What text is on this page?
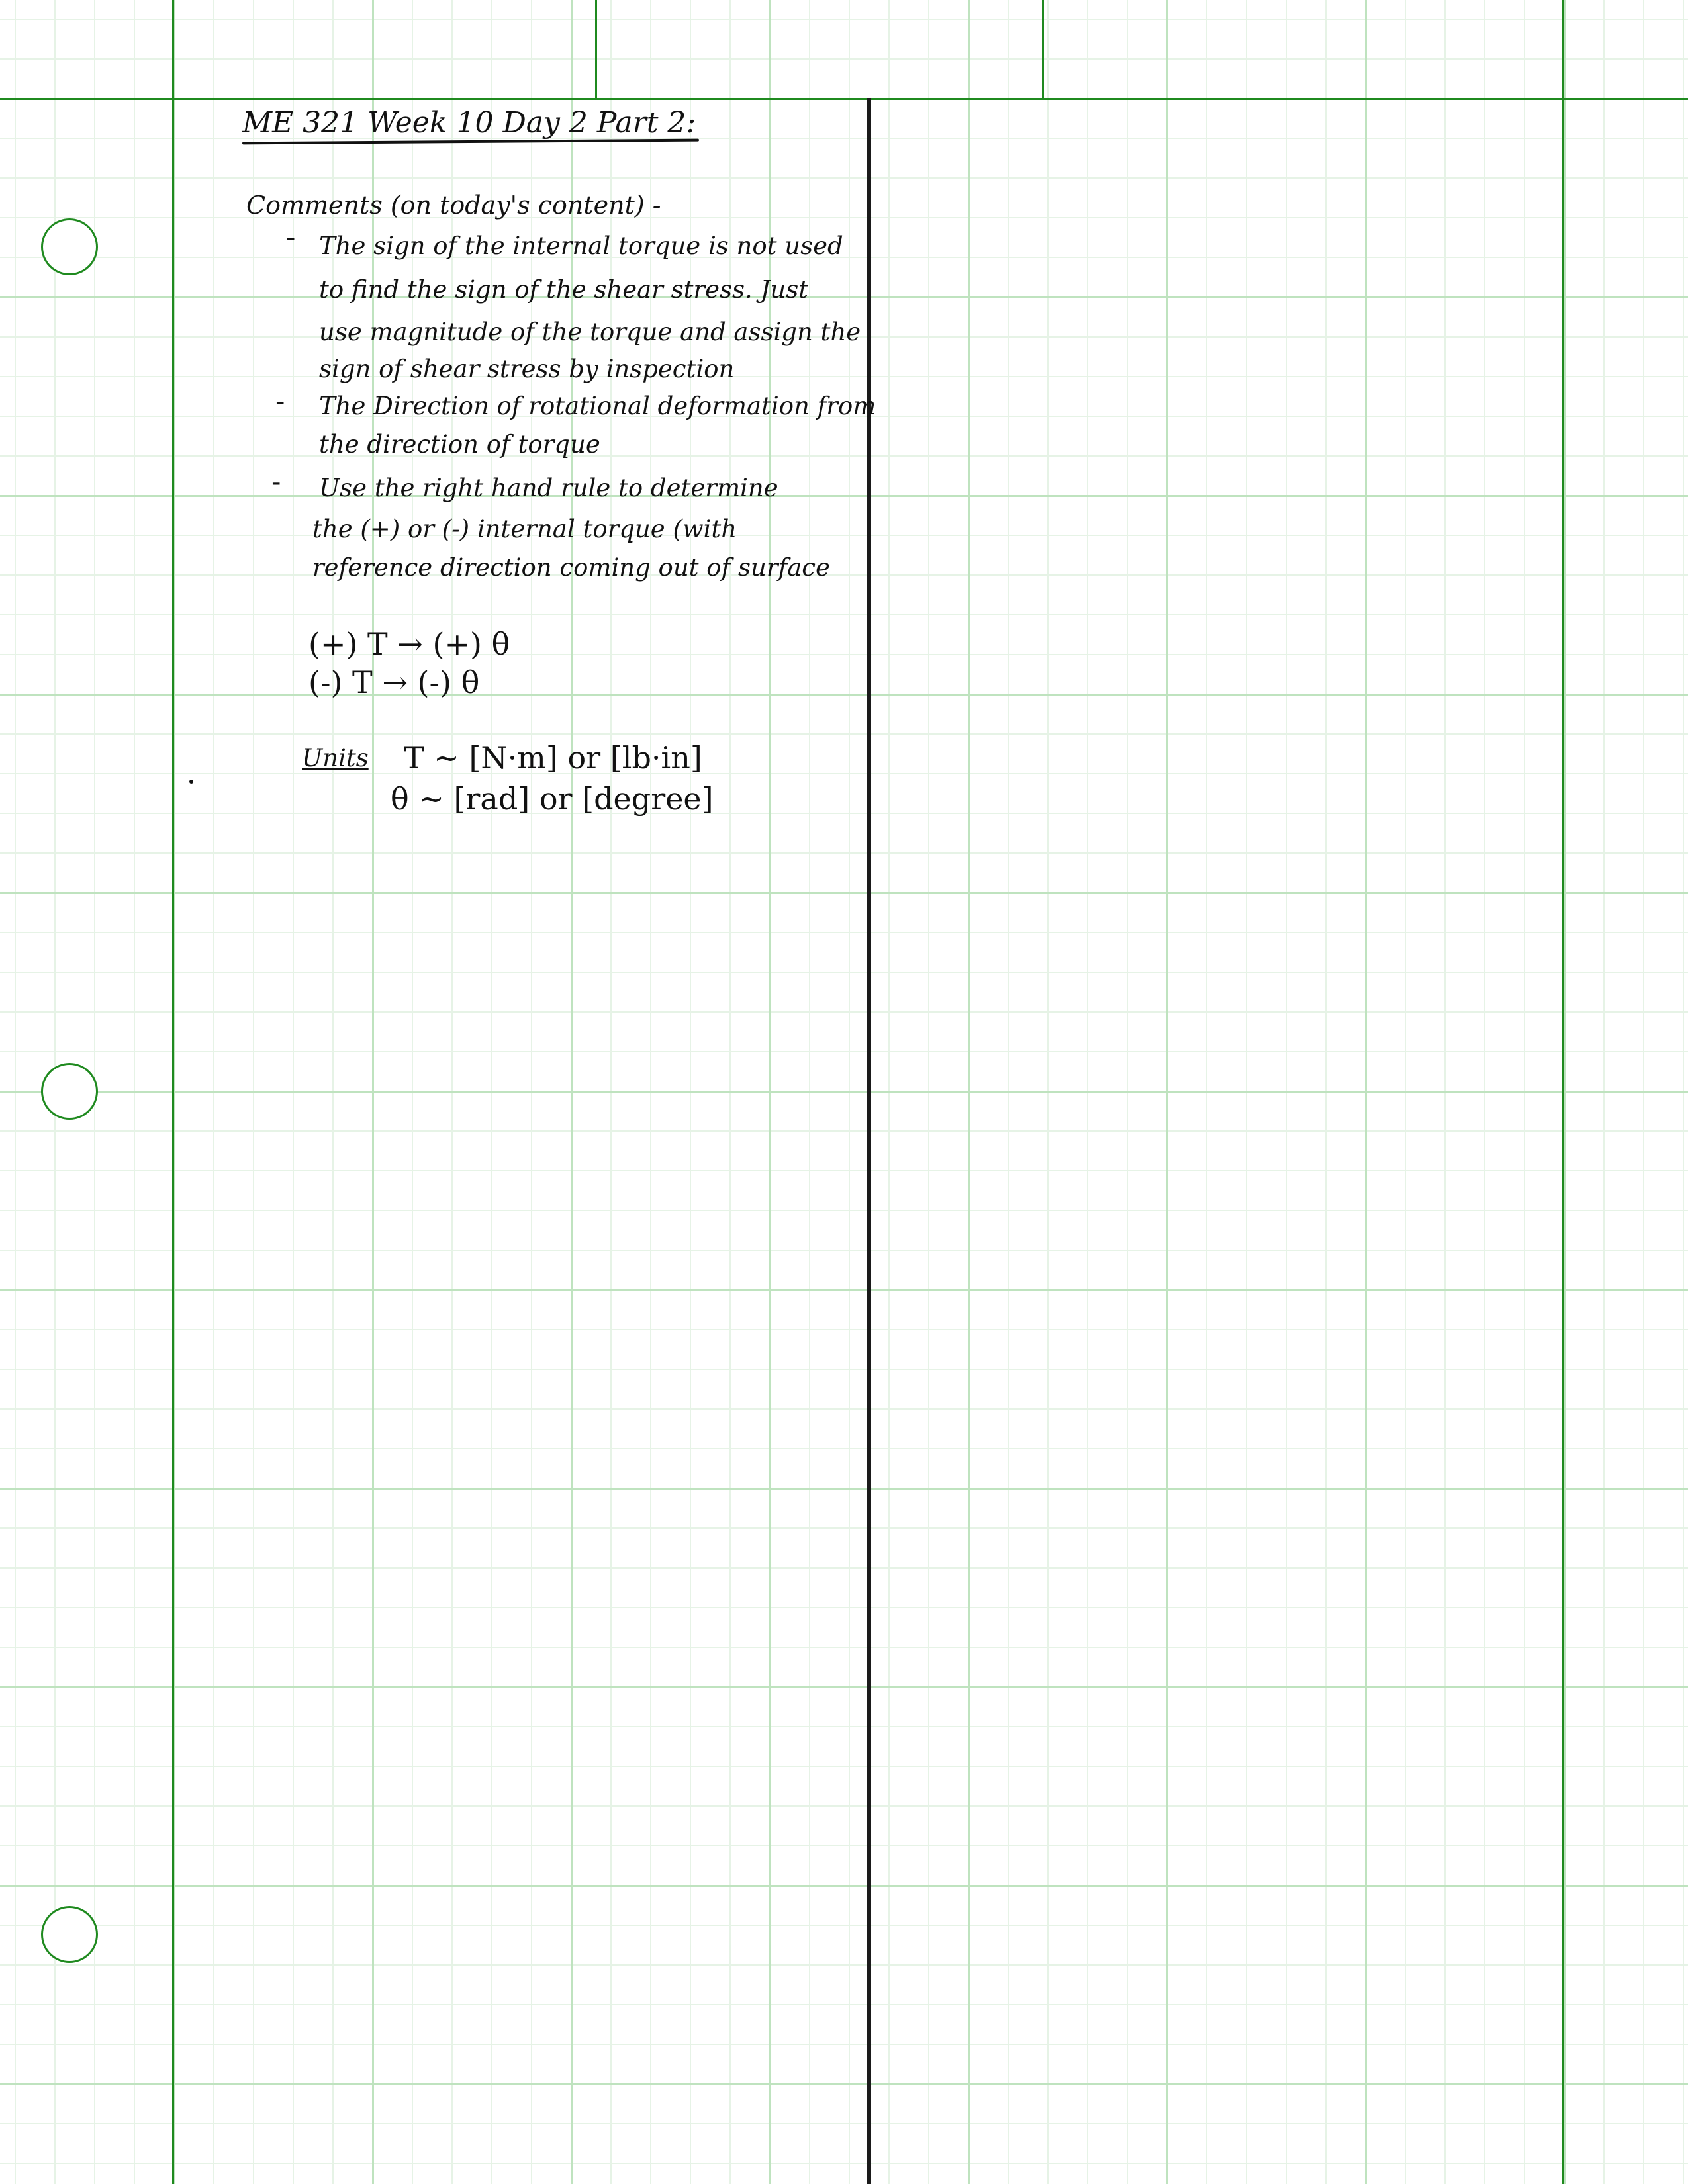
ME 321 Week 10 Day 2 Part 2:
Comments (on today's content) -
- The sign of the internal torque is not used
to find the sign of the shear stress. Just
use magnitude of the torque and assign the
sign of shear stress by inspection
- The Direction of rotational deformation from
the direction of torque
- Use the right hand rule to determine
the (+) or (-) internal torque (with
reference direction coming out of surface
(+) T → (+) θ
(-) T → (-) θ
Units T ~ [N·m] or [lb·in]
θ ~ [rad] or [degree]
